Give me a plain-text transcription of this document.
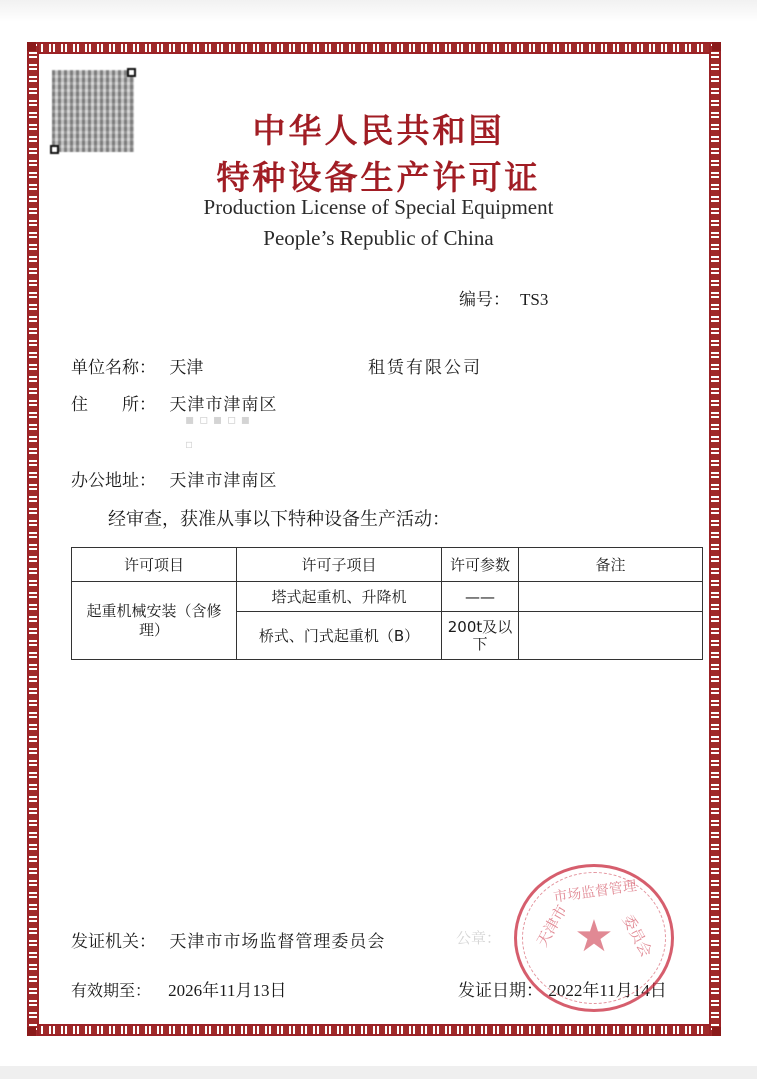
中华人民共和国
特种设备生产许可证
Production License of Special Equipment
People’s Republic of China
编号： TS3
单位名称： 天津	租赁有限公司
住　　所： 天津市津南区
▪ ▫ ▪ ▫ ▪
▫
办公地址： 天津市津南区
经审查，获准从事以下特种设备生产活动：
许可项目	许可子项目	许可参数	备注
起重机械安装（含修理）	塔式起重机、升降机	——	
	桥式、门式起重机（B）	200t及以下	
发证机关： 天津市市场监督管理委员会	公章：
有效期至： 2026年11月13日	发证日期： 2022年11月14日
★
天津市
市场监督管理
委员会
